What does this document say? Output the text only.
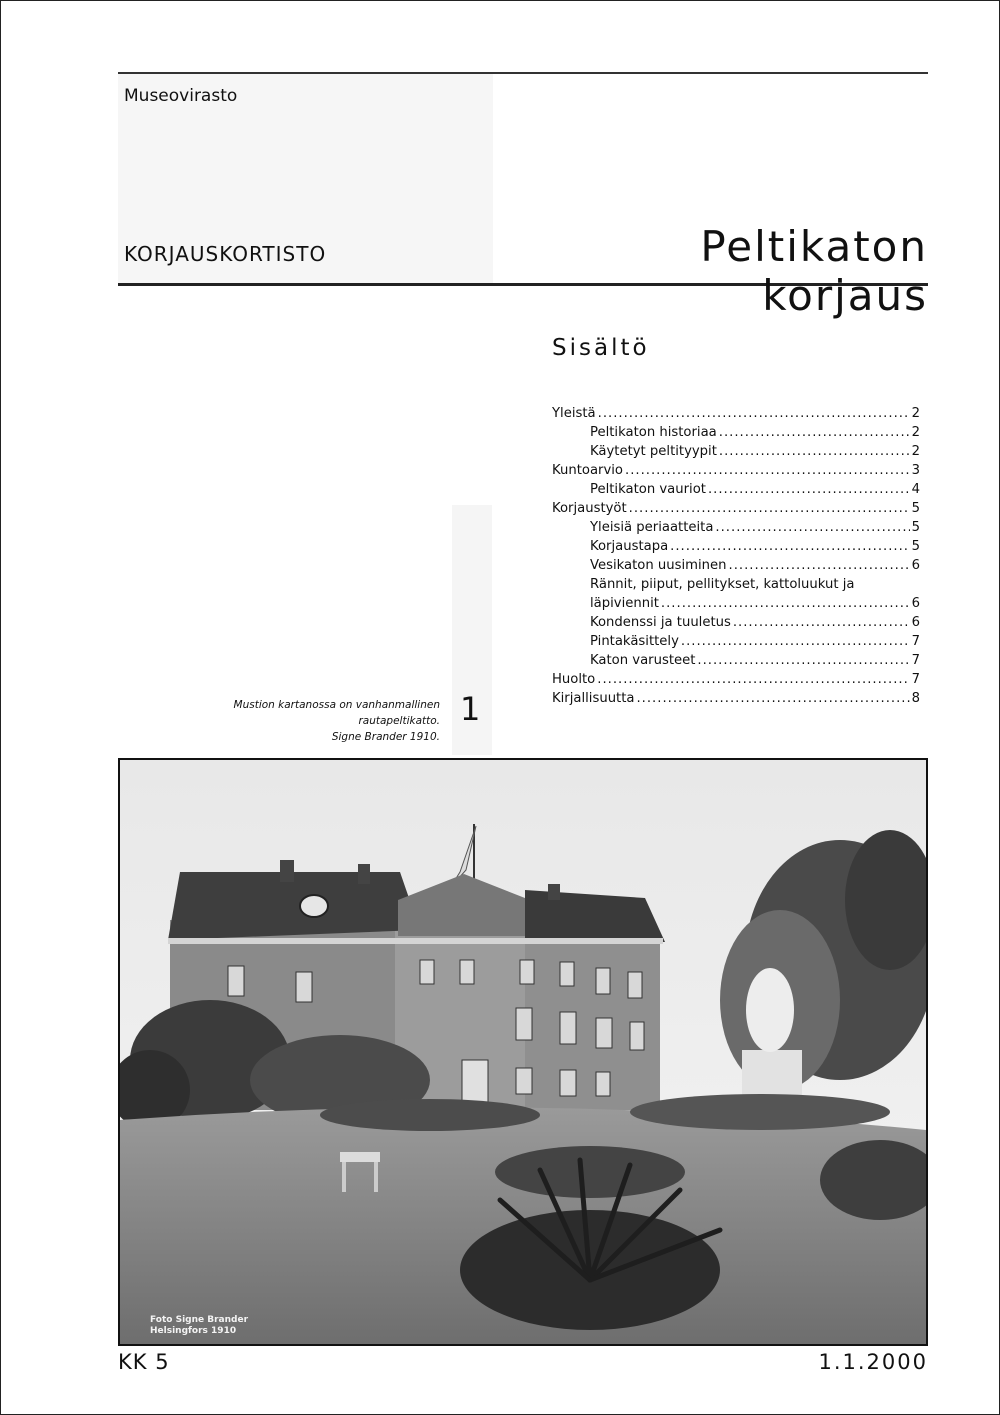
Museovirasto
KORJAUSKORTISTO	Peltikaton korjaus
Sisältö
Yleistä .....	2
Peltikaton historiaa .....	2
Käytetyt peltityypit .....	2
Kuntoarvio .....	3
Peltikaton vauriot .....	4
Korjaustyöt .....	5
Yleisiä periaatteita .....	5
Korjaustapa .....	5
Vesikaton uusiminen .....	6
Rännit, piiput, pellitykset, kattoluukut ja
läpiviennit .....	6
Kondenssi ja tuuletus .....	6
Pintakäsittely .....	7
Katon varusteet .....	7
Huolto .....	7
Kirjallisuutta .....	8
Mustion kartanossa on vanhanmallinen
rautapeltikatto.
Signe Brander 1910.
1
Foto Signe Brander
Helsingfors 1910
KK 5	1.1.2000
